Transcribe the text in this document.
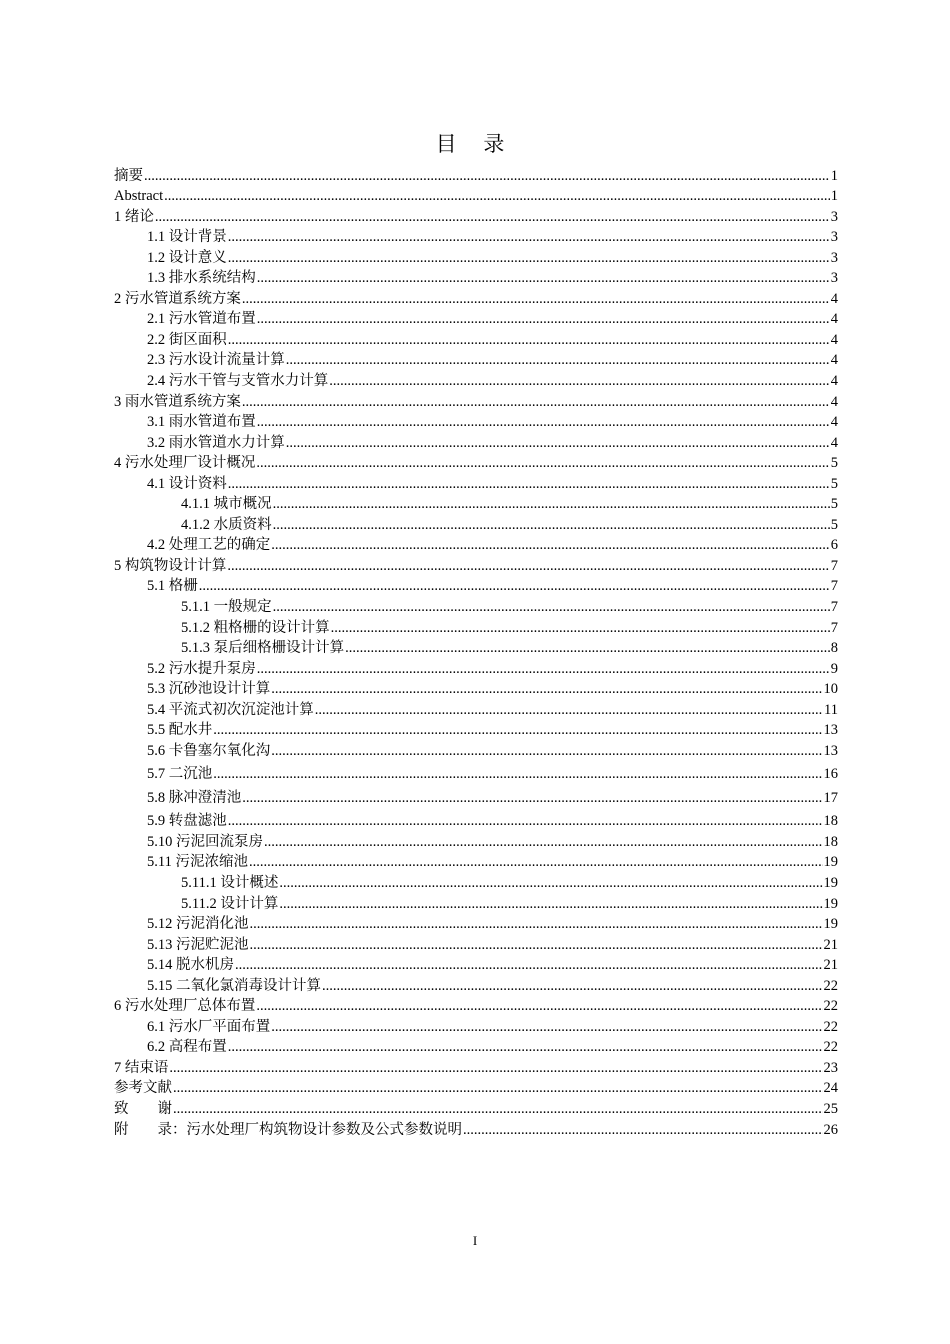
目 录
摘要 .....	1
Abstract .....	1
1 绪论 .....	3
1.1 设计背景 .....	3
1.2 设计意义 .....	3
1.3 排水系统结构 .....	3
2 污水管道系统方案 .....	4
2.1 污水管道布置 .....	4
2.2 街区面积 .....	4
2.3 污水设计流量计算 .....	4
2.4 污水干管与支管水力计算 .....	4
3 雨水管道系统方案 .....	4
3.1 雨水管道布置 .....	4
3.2 雨水管道水力计算 .....	4
4 污水处理厂设计概况 .....	5
4.1 设计资料 .....	5
4.1.1 城市概况 .....	5
4.1.2 水质资料 .....	5
4.2 处理工艺的确定 .....	6
5 构筑物设计计算 .....	7
5.1 格栅 .....	7
5.1.1 一般规定 .....	7
5.1.2 粗格栅的设计计算 .....	7
5.1.3 泵后细格栅设计计算 .....	8
5.2 污水提升泵房 .....	9
5.3 沉砂池设计计算 .....	10
5.4 平流式初次沉淀池计算 .....	11
5.5 配水井 .....	13
5.6 卡鲁塞尔氧化沟 .....	13
5.7 二沉池 .....	16
5.8 脉冲澄清池 .....	17
5.9 转盘滤池 .....	18
5.10 污泥回流泵房 .....	18
5.11 污泥浓缩池 .....	19
5.11.1 设计概述 .....	19
5.11.2 设计计算 .....	19
5.12 污泥消化池 .....	19
5.13 污泥贮泥池 .....	21
5.14 脱水机房 .....	21
5.15 二氧化氯消毒设计计算 .....	22
6 污水处理厂总体布置 .....	22
6.1 污水厂平面布置 .....	22
6.2 高程布置 .....	22
7 结束语 .....	23
参考文献 .....	24
致　　谢 .....	25
附　　录：污水处理厂构筑物设计参数及公式参数说明 .....	26
I
